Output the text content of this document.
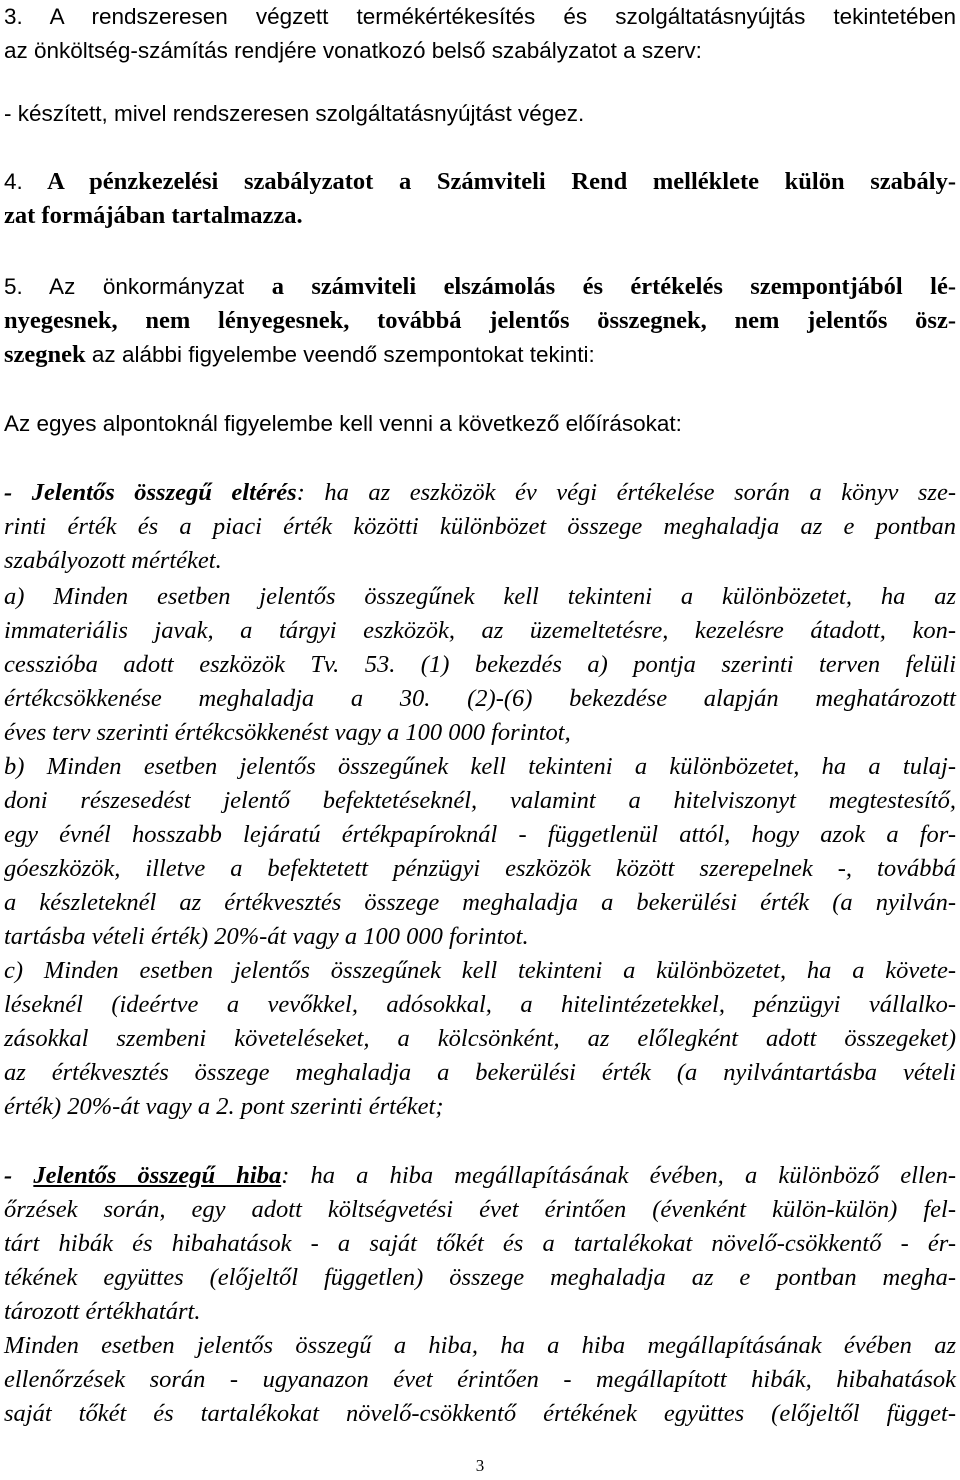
3. A rendszeresen végzett termékértékesítés és szolgáltatásnyújtás tekintetében
az önköltség-számítás rendjére vonatkozó belső szabályzatot a szerv:
- készített, mivel rendszeresen szolgáltatásnyújtást végez.
4. A pénzkezelési szabályzatot a Számviteli Rend melléklete külön szabály-
zat formájában tartalmazza.
5. Az önkormányzat a számviteli elszámolás és értékelés szempontjából lé-
nyegesnek, nem lényegesnek, továbbá jelentős összegnek, nem jelentős ösz-
szegnek az alábbi figyelembe veendő szempontokat tekinti:
Az egyes alpontoknál figyelembe kell venni a következő előírásokat:
- Jelentős összegű eltérés: ha az eszközök év végi értékelése során a könyv sze-
rinti érték és a piaci érték közötti különbözet összege meghaladja az e pontban
szabályozott mértéket.
a) Minden esetben jelentős összegűnek kell tekinteni a különbözetet, ha az
immateriális javak, a tárgyi eszközök, az üzemeltetésre, kezelésre átadott, kon-
cesszióba adott eszközök Tv. 53. (1) bekezdés a) pontja szerinti terven felüli
értékcsökkenése meghaladja a 30. (2)-(6) bekezdése alapján meghatározott
éves terv szerinti értékcsökkenést vagy a 100 000 forintot,
b) Minden esetben jelentős összegűnek kell tekinteni a különbözetet, ha a tulaj-
doni részesedést jelentő befektetéseknél, valamint a hitelviszonyt megtestesítő,
egy évnél hosszabb lejáratú értékpapíroknál - függetlenül attól, hogy azok a for-
góeszközök, illetve a befektetett pénzügyi eszközök között szerepelnek -, továbbá
a készleteknél az értékvesztés összege meghaladja a bekerülési érték (a nyilván-
tartásba vételi érték) 20%-át vagy a 100 000 forintot.
c) Minden esetben jelentős összegűnek kell tekinteni a különbözetet, ha a követe-
léseknél (ideértve a vevőkkel, adósokkal, a hitelintézetekkel, pénzügyi vállalko-
zásokkal szembeni követeléseket, a kölcsönként, az előlegként adott összegeket)
az értékvesztés összege meghaladja a bekerülési érték (a nyilvántartásba vételi
érték) 20%-át vagy a 2. pont szerinti értéket;
- Jelentős összegű hiba: ha a hiba megállapításának évében, a különböző ellen-
őrzések során, egy adott költségvetési évet érintően (évenként külön-külön) fel-
tárt hibák és hibahatások - a saját tőkét és a tartalékokat növelő-csökkentő - ér-
tékének együttes (előjeltől független) összege meghaladja az e pontban megha-
tározott értékhatárt.
Minden esetben jelentős összegű a hiba, ha a hiba megállapításának évében az
ellenőrzések során - ugyanazon évet érintően - megállapított hibák, hibahatások
saját tőkét és tartalékokat növelő-csökkentő értékének együttes (előjeltől függet-
3
